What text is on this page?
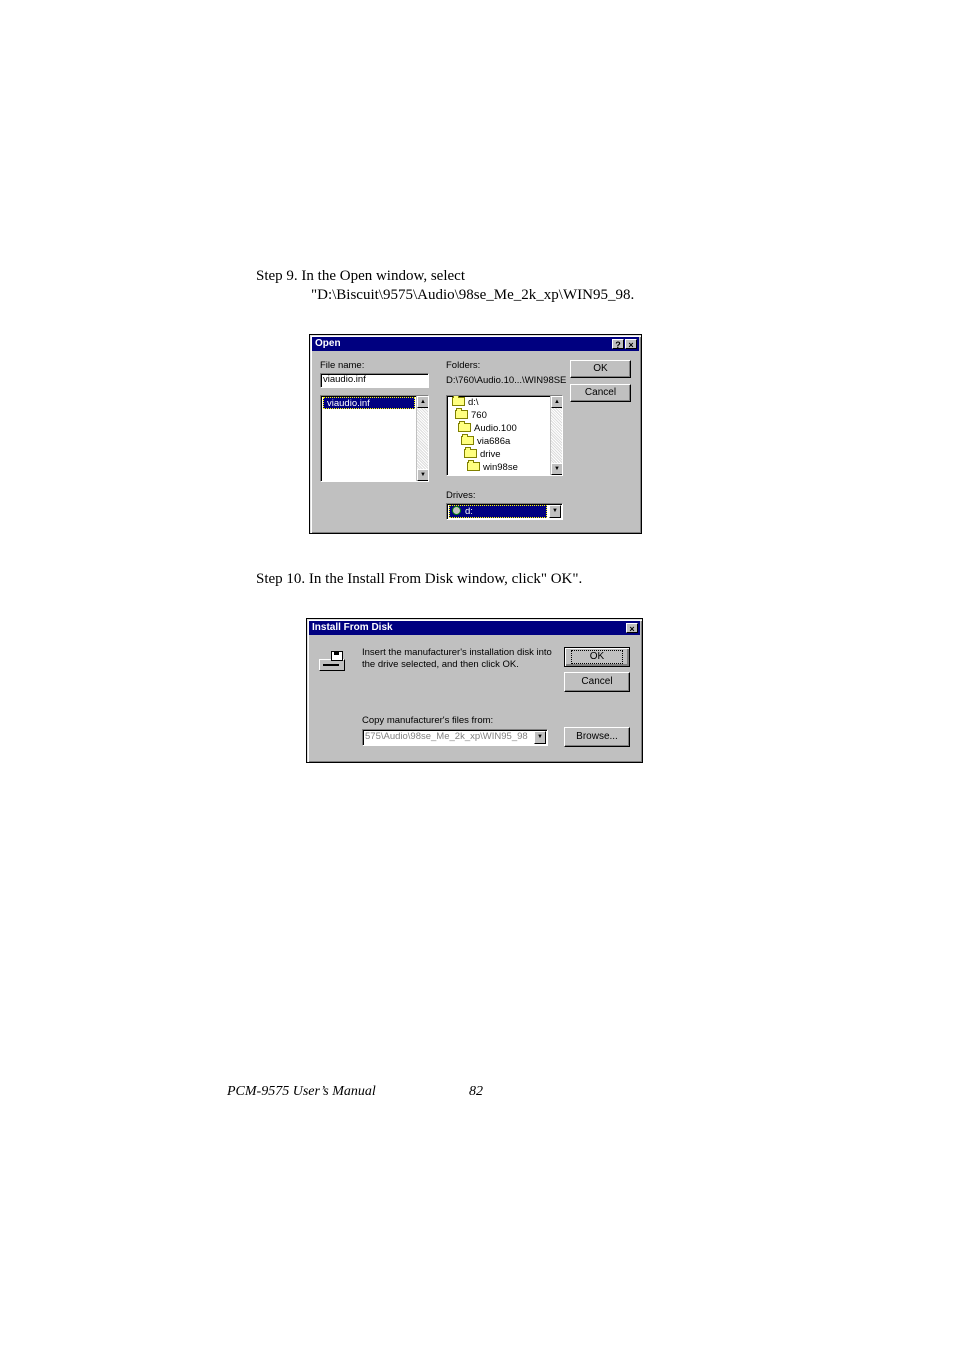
Step 9. In the Open window, select
"D:\Biscuit\9575\Audio\98se_Me_2k_xp\WIN95_98.
Open	? ×
File name:
viaudio.inf
viaudio.inf	▲
▼
Folders:
D:\760\Audio.10...\WIN98SE
d:\
760
Audio.100
via686a
drive
win98se
▲
▼
Drives:
d:	▼
OK
Cancel
Step 10. In the Install From Disk window, click" OK".
Install From Disk	×
Insert the manufacturer's installation disk into
the drive selected, and then click OK.
OK
Cancel
Copy manufacturer's files from:
575\Audio\98se_Me_2k_xp\WIN95_98	▼	Browse...
PCM-9575 User’s Manual	82
